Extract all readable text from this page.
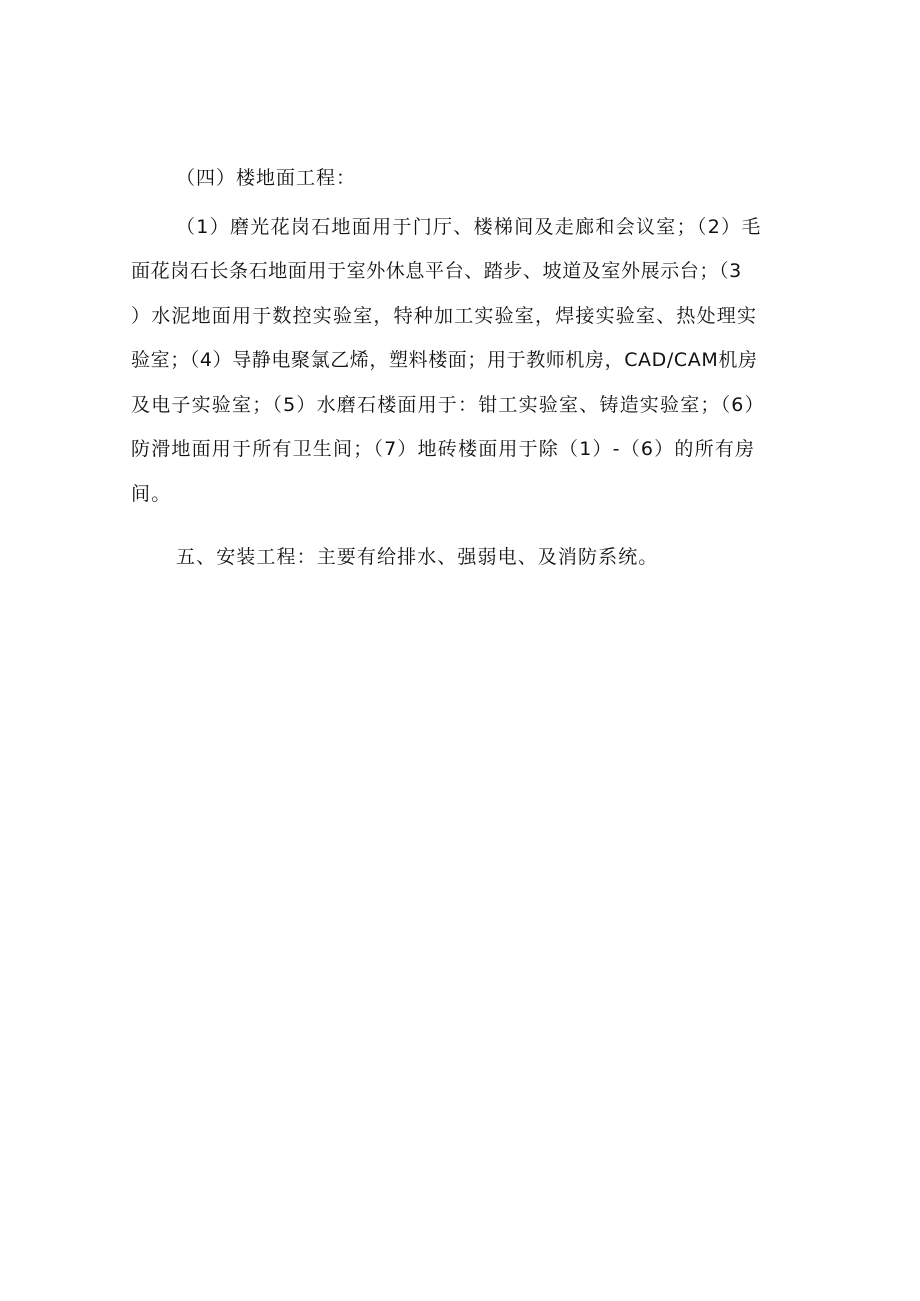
（四）楼地面工程：
（1）磨光花岗石地面用于门厅、楼梯间及走廊和会议室；（2）毛
面花岗石长条石地面用于室外休息平台、踏步、坡道及室外展示台；（3
）水泥地面用于数控实验室，特种加工实验室，焊接实验室、热处理实
验室；（4）导静电聚氯乙烯，塑料楼面；用于教师机房，CAD/CAM机房
及电子实验室；（5）水磨石楼面用于：钳工实验室、铸造实验室；（6）
防滑地面用于所有卫生间；（7）地砖楼面用于除（1）-（6）的所有房
间。
五、安装工程：主要有给排水、强弱电、及消防系统。
